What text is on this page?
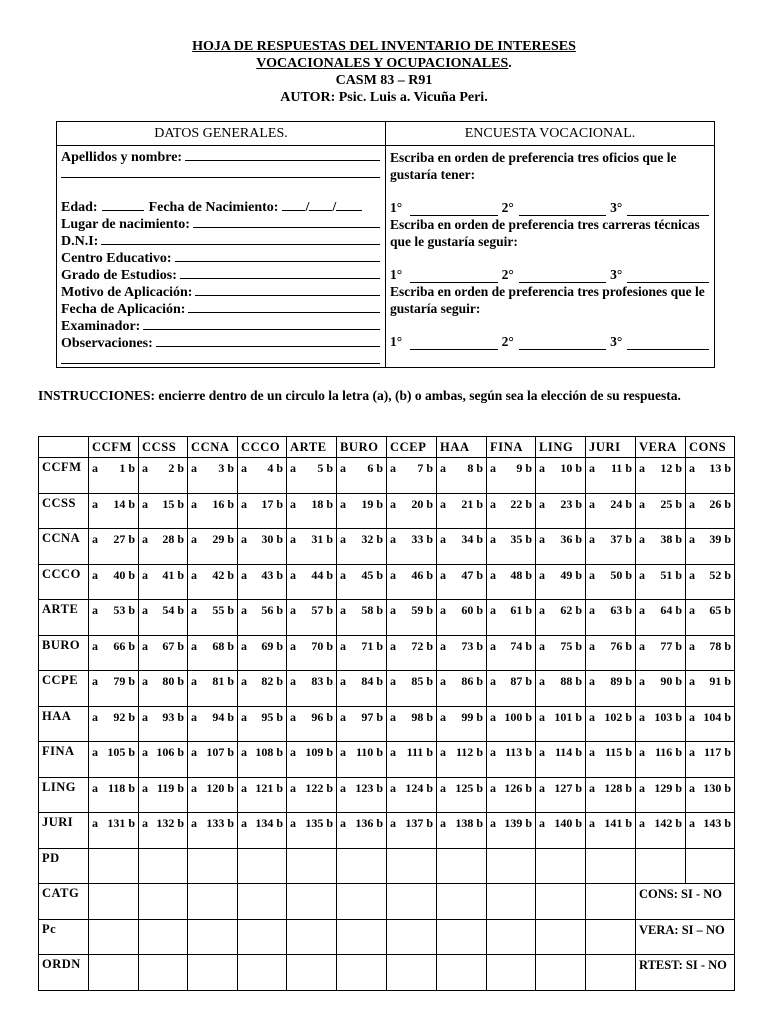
HOJA DE RESPUESTAS DEL INVENTARIO DE INTERESES
VOCACIONALES Y OCUPACIONALES.
CASM 83 – R91
AUTOR: Psic. Luis a. Vicuña Peri.
DATOS GENERALES.
Apellidos y nombre:
Edad:	Fecha de Nacimiento: / /
Lugar de nacimiento:
D.N.I:
Centro Educativo:
Grado de Estudios:
Motivo de Aplicación:
Fecha de Aplicación:
Examinador:
Observaciones:
ENCUESTA VOCACIONAL.
Escriba en orden de preferencia tres oficios que le gustaría tener:
1°	2°	3°
Escriba en orden de preferencia tres carreras técnicas que le gustaría seguir:
1°	2°	3°
Escriba en orden de preferencia tres profesiones que le gustaría seguir:
1°	2°	3°
INSTRUCCIONES: encierre dentro de un circulo la letra (a), (b) o ambas, según sea la elección de su respuesta.
	CCFM	CCSS	CCNA	CCCO	ARTE	BURO	CCEP	HAA	FINA	LING	JURI	VERA	CONS
CCFM	a 1 b	a 2 b	a 3 b	a 4 b	a 5 b	a 6 b	a 7 b	a 8 b	a 9 b	a 10 b	a 11 b	a 12 b	a 13 b

CCSS	a 14 b	a 15 b	a 16 b	a 17 b	a 18 b	a 19 b	a 20 b	a 21 b	a 22 b	a 23 b	a 24 b	a 25 b	a 26 b

CCNA	a 27 b	a 28 b	a 29 b	a 30 b	a 31 b	a 32 b	a 33 b	a 34 b	a 35 b	a 36 b	a 37 b	a 38 b	a 39 b

CCCO	a 40 b	a 41 b	a 42 b	a 43 b	a 44 b	a 45 b	a 46 b	a 47 b	a 48 b	a 49 b	a 50 b	a 51 b	a 52 b

ARTE	a 53 b	a 54 b	a 55 b	a 56 b	a 57 b	a 58 b	a 59 b	a 60 b	a 61 b	a 62 b	a 63 b	a 64 b	a 65 b

BURO	a 66 b	a 67 b	a 68 b	a 69 b	a 70 b	a 71 b	a 72 b	a 73 b	a 74 b	a 75 b	a 76 b	a 77 b	a 78 b

CCPE	a 79 b	a 80 b	a 81 b	a 82 b	a 83 b	a 84 b	a 85 b	a 86 b	a 87 b	a 88 b	a 89 b	a 90 b	a 91 b

HAA	a 92 b	a 93 b	a 94 b	a 95 b	a 96 b	a 97 b	a 98 b	a 99 b	a 100 b	a 101 b	a 102 b	a 103 b	a 104 b

FINA	a 105 b	a 106 b	a 107 b	a 108 b	a 109 b	a 110 b	a 111 b	a 112 b	a 113 b	a 114 b	a 115 b	a 116 b	a 117 b

LING	a 118 b	a 119 b	a 120 b	a 121 b	a 122 b	a 123 b	a 124 b	a 125 b	a 126 b	a 127 b	a 128 b	a 129 b	a 130 b

JURI	a 131 b	a 132 b	a 133 b	a 134 b	a 135 b	a 136 b	a 137 b	a 138 b	a 139 b	a 140 b	a 141 b	a 142 b	a 143 b

PD													
CATG												CONS: SI - NO	
Pc												VERA: SI – NO	
ORDN												RTEST: SI - NO	
